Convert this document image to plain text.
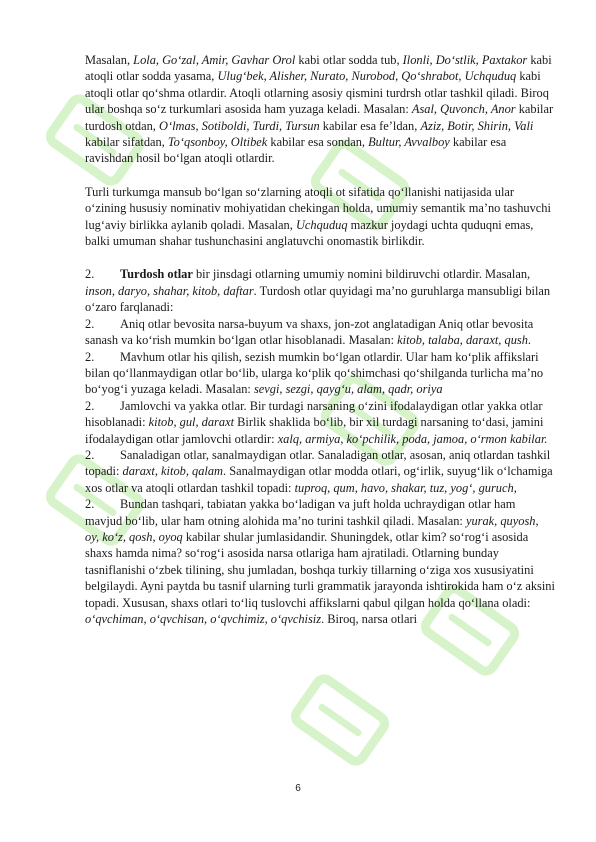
Masalan, Lola, Go‘zal, Amir, Gavhar Orol kabi otlar sodda tub, Ilonli, Do‘stlik, Paxtakor kabi atoqli otlar sodda yasama, Ulug‘bek, Alisher, Nurato, Nurobod, Qo‘shrabot, Uchquduq kabi atoqli otlar qo‘shma otlardir. Atoqli otlarning asosiy qismini turdrsh otlar tashkil qiladi. Biroq ular boshqa so‘z turkumlari asosida ham yuzaga keladi. Masalan: Asal, Quvonch, Anor kabilar turdosh otdan, O‘lmas, Sotiboldi, Turdi, Tursun kabilar esa fe’ldan, Aziz, Botir, Shirin, Vali kabilar sifatdan, To‘qsonboy, Oltibek kabilar esa sondan, Bultur, Avvalboy kabilar esa ravishdan hosil bo‘lgan atoqli otlardir.

Turli turkumga mansub bo‘lgan so‘zlarning atoqli ot sifatida qo‘llanishi natijasida ular o‘zining hususiy nominativ mohiyatidan chekingan holda, umumiy semantik ma’no tashuvchi lug‘aviy birlikka aylanib qoladi. Masalan, Uchquduq mazkur joydagi uchta quduqni emas, balki umuman shahar tushunchasini anglatuvchi onomastik birlikdir.

2. Turdosh otlar bir jinsdagi otlarning umumiy nomini bildiruvchi otlardir. Masalan, inson, daryo, shahar, kitob, daftar. Turdosh otlar quyidagi ma’no guruhlarga mansubligi bilan o‘zaro farqlanadi:

2. Aniq otlar bevosita narsa-buyum va shaxs, jon-zot anglatadigan Aniq otlar bevosita sanash va ko‘rish mumkin bo‘lgan otlar hisoblanadi. Masalan: kitob, talaba, daraxt, qush.

2. Mavhum otlar his qilish, sezish mumkin bo‘lgan otlardir. Ular ham ko‘plik affikslari bilan qo‘llanmaydigan otlar bo‘lib, ularga ko‘plik qo‘shimchasi qo‘shilganda turlicha ma’no bo‘yog‘i yuzaga keladi. Masalan: sevgi, sezgi, qayg‘u, alam, qadr, oriya

2. Jamlovchi va yakka otlar. Bir turdagi narsaning o‘zini ifodalaydigan otlar yakka otlar hisoblanadi: kitob, gul, daraxt Birlik shaklida bo‘lib, bir xil turdagi narsaning to‘dasi, jamini ifodalaydigan otlar jamlovchi otlardir: xalq, armiya, ko‘pchilik, poda, jamoa, o‘rmon kabilar.

2. Sanaladigan otlar, sanalmaydigan otlar. Sanaladigan otlar, asosan, aniq otlardan tashkil topadi: daraxt, kitob, qalam. Sanalmaydigan otlar modda otlari, og‘irlik, suyug‘lik o‘lchamiga xos otlar va atoqli otlardan tashkil topadi: tuproq, qum, havo, shakar, tuz, yog‘, guruch,

2. Bundan tashqari, tabiatan yakka bo‘ladigan va juft holda uchraydigan otlar ham mavjud bo‘lib, ular ham otning alohida ma’no turini tashkil qiladi. Masalan: yurak, quyosh, oy, ko‘z, qosh, oyoq kabilar shular jumlasidandir. Shuningdek, otlar kim? so‘rog‘i asosida shaxs hamda nima? so‘rog‘i asosida narsa otlariga ham ajratiladi. Otlarning bunday tasniflanishi o‘zbek tilining, shu jumladan, boshqa turkiy tillarning o‘ziga xos xususiyatini belgilaydi. Ayni paytda bu tasnif ularning turli grammatik jarayonda ishtirokida ham o‘z aksini topadi. Xususan, shaxs otlari to‘liq tuslovchi affikslarni qabul qilgan holda qo‘llana oladi: o‘qvchiman, o‘qvchisan, o‘qvchimiz, o‘qvchisiz. Biroq, narsa otlari

6
